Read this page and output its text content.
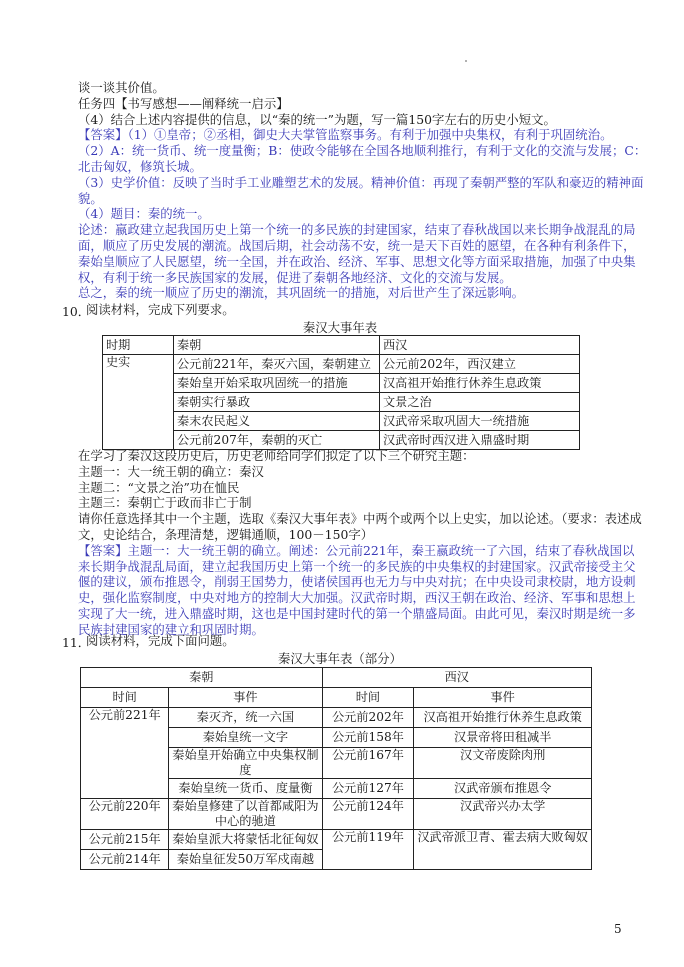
谈一谈其价值。
任务四【书写感想——阐释统一启示】
（4）结合上述内容提供的信息，以“秦的统一”为题，写一篇150字左右的历史小短文。
【答案】（1）①皇帝；②丞相，御史大夫掌管监察事务。有利于加强中央集权，有利于巩固统治。
（2）A：统一货币、统一度量衡；B：使政令能够在全国各地顺利推行，有利于文化的交流与发展；C：
北击匈奴，修筑长城。
（3）史学价值：反映了当时手工业雕塑艺术的发展。精神价值：再现了秦朝严整的军队和豪迈的精神面
貌。
（4）题目：秦的统一。
论述：嬴政建立起我国历史上第一个统一的多民族的封建国家，结束了春秋战国以来长期争战混乱的局
面，顺应了历史发展的潮流。战国后期，社会动荡不安，统一是天下百姓的愿望，在各种有利条件下，
秦始皇顺应了人民愿望，统一全国，并在政治、经济、军事、思想文化等方面采取措施，加强了中央集
权，有利于统一多民族国家的发展，促进了秦朝各地经济、文化的交流与发展。
总之，秦的统一顺应了历史的潮流，其巩固统一的措施，对后世产生了深远影响。
10．
阅读材料，完成下列要求。
秦汉大事年表
时期	秦朝	西汉
史实	公元前221年，秦灭六国，秦朝建立	公元前202年，西汉建立
	秦始皇开始采取巩固统一的措施	汉高祖开始推行休养生息政策
	秦朝实行暴政	文景之治
	秦末农民起义	汉武帝采取巩固大一统措施
	公元前207年，秦朝的灭亡	汉武帝时西汉进入鼎盛时期
在学习了秦汉这段历史后，历史老师给同学们拟定了以下三个研究主题：
主题一：大一统王朝的确立：秦汉
主题二：“文景之治”功在恤民
主题三：秦朝亡于政而非亡于制
请你任意选择其中一个主题，选取《秦汉大事年表》中两个或两个以上史实，加以论述。（要求：表述成
文，史论结合，条理清楚，逻辑通顺，100－150字）
【答案】主题一：大一统王朝的确立。阐述：公元前221年，秦王嬴政统一了六国，结束了春秋战国以
来长期争战混乱局面，建立起我国历史上第一个统一的多民族的中央集权的封建国家。汉武帝接受主父
偃的建议，颁布推恩令，削弱王国势力，使诸侯国再也无力与中央对抗；在中央设司隶校尉，地方设刺
史，强化监察制度，中央对地方的控制大大加强。汉武帝时期，西汉王朝在政治、经济、军事和思想上
实现了大一统，进入鼎盛时期，这也是中国封建时代的第一个鼎盛局面。由此可见，秦汉时期是统一多
民族封建国家的建立和巩固时期。
11．
阅读材料，完成下面问题。
秦汉大事年表（部分）
秦朝		西汉	
时间	事件	时间	事件
公元前221年	秦灭齐，统一六国	公元前202年	汉高祖开始推行休养生息政策
	秦始皇统一文字	公元前158年	汉景帝将田租减半
	秦始皇开始确立中央集权制度	公元前167年	汉文帝废除肉刑
	秦始皇统一货币、度量衡	公元前127年	汉武帝颁布推恩令
公元前220年	秦始皇修建了以首都咸阳为中心的驰道	公元前124年	汉武帝兴办太学
公元前215年	秦始皇派大将蒙恬北征匈奴	公元前119年	汉武帝派卫青、霍去病大败匈奴
公元前214年	秦始皇征发50万军戍南越		
5
